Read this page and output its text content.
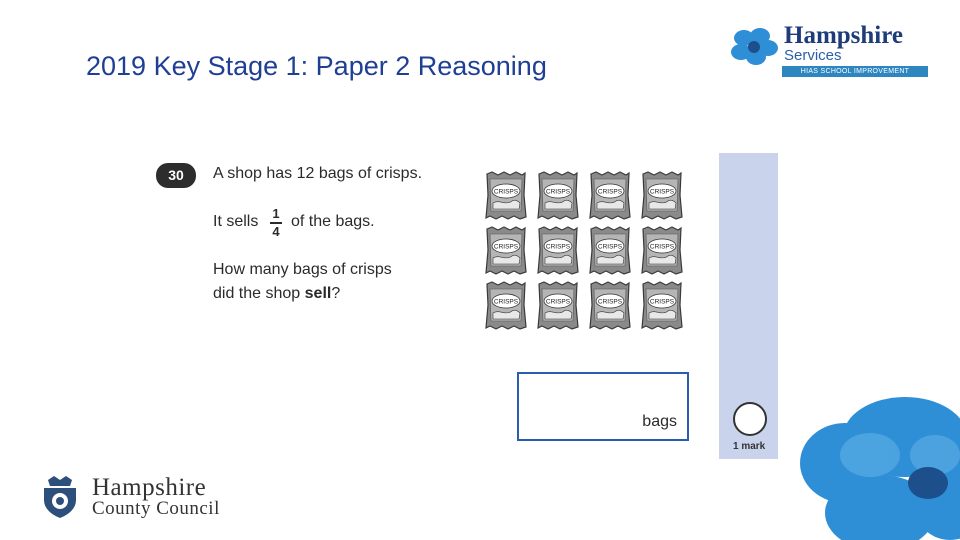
2019 Key Stage 1: Paper 2 Reasoning
Hampshire
Services
HIAS SCHOOL IMPROVEMENT
30	A shop has 12 bags of crisps.
It sells 1
4
of the bags.
How many bags of crisps
did the shop sell?
CRISPS	CRISPS	CRISPS	CRISPS
CRISPS	CRISPS	CRISPS	CRISPS
CRISPS	CRISPS	CRISPS	CRISPS
bags
1 mark
Hampshire
County Council
